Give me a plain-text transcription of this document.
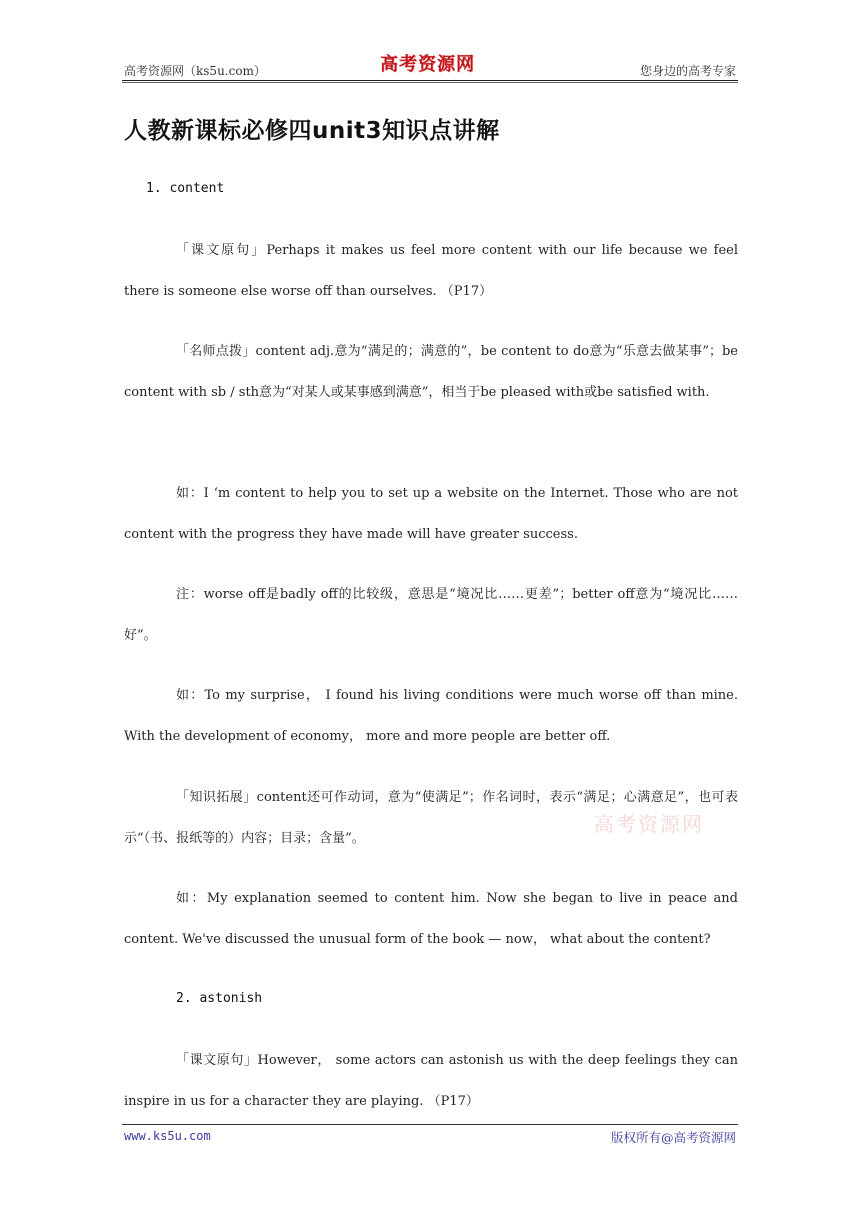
高考资源网（ks5u.com）	高考资源网	您身边的高考专家
人教新课标必修四unit3知识点讲解
1. content
「课文原句」Perhaps it makes us feel more content with our life because we feel there is someone else worse off than ourselves. （P17）
「名师点拨」content adj.意为“满足的；满意的”，be content to do意为“乐意去做某事”；be content with sb / sth意为“对某人或某事感到满意”，相当于be pleased with或be satisfied with.
如：I ‘m content to help you to set up a website on the Internet. Those who are not content with the progress they have made will have greater success.
注：worse off是badly off的比较级，意思是“境况比……更差”；better off意为“境况比……好”。
如：To my surprise， I found his living conditions were much worse off than mine. With the development of economy， more and more people are better off.
「知识拓展」content还可作动词，意为“使满足”；作名词时，表示“满足；心满意足”，也可表示“（书、报纸等的）内容；目录；含量”。
如：My explanation seemed to content him. Now she began to live in peace and content. We've discussed the unusual form of the book — now， what about the content?
2. astonish
「课文原句」However， some actors can astonish us with the deep feelings they can inspire in us for a character they are playing. （P17）
高考资源网
www.ks5u.com	版权所有@高考资源网
